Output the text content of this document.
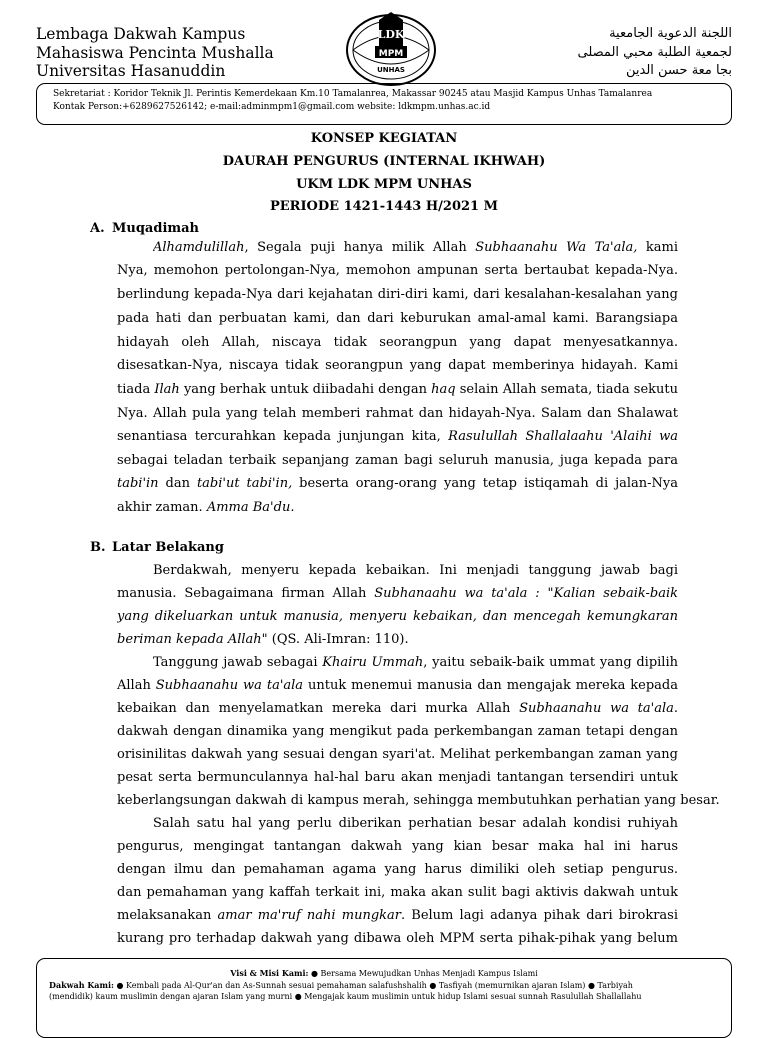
Lembaga Dakwah Kampus
Mahasiswa Pencinta Mushalla
Universitas Hasanuddin
LDK
MPM
UNHAS
اللجنة الدعوية الجامعية
لجمعية الطلبة محبي المصلى
بجا معة حسن الدين
Sekretariat : Koridor Teknik Jl. Perintis Kemerdekaan Km.10 Tamalanrea, Makassar 90245 atau Masjid Kampus Unhas Tamalanrea
Kontak Person:+6289627526142; e-mail:adminmpm1@gmail.com website: ldkmpm.unhas.ac.id
KONSEP KEGIATAN
DAURAH PENGURUS (INTERNAL IKHWAH)
UKM LDK MPM UNHAS
PERIODE 1421-1443 H/2021 M
A. Muqadimah
Alhamdulillah, Segala puji hanya milik Allah Subhaanahu Wa Ta'ala, kami
Nya, memohon pertolongan-Nya, memohon ampunan serta bertaubat kepada-Nya.
berlindung kepada-Nya dari kejahatan diri-diri kami, dari kesalahan-kesalahan yang
pada hati dan perbuatan kami, dan dari keburukan amal-amal kami. Barangsiapa
hidayah oleh Allah, niscaya tidak seorangpun yang dapat menyesatkannya.
disesatkan-Nya, niscaya tidak seorangpun yang dapat memberinya hidayah. Kami
tiada Ilah yang berhak untuk diibadahi dengan haq selain Allah semata, tiada sekutu
Nya. Allah pula yang telah memberi rahmat dan hidayah-Nya. Salam dan Shalawat
senantiasa tercurahkan kepada junjungan kita, Rasulullah Shallalaahu 'Alaihi wa
sebagai teladan terbaik sepanjang zaman bagi seluruh manusia, juga kepada para
tabi'in dan tabi'ut tabi'in, beserta orang-orang yang tetap istiqamah di jalan-Nya
akhir zaman. Amma Ba'du.
B. Latar Belakang
Berdakwah, menyeru kepada kebaikan. Ini menjadi tanggung jawab bagi
manusia. Sebagaimana firman Allah Subhanaahu wa ta'ala : "Kalian sebaik-baik
yang dikeluarkan untuk manusia, menyeru kebaikan, dan mencegah kemungkaran
beriman kepada Allah" (QS. Ali-Imran: 110).
Tanggung jawab sebagai Khairu Ummah, yaitu sebaik-baik ummat yang dipilih
Allah Subhaanahu wa ta'ala untuk menemui manusia dan mengajak mereka kepada
kebaikan dan menyelamatkan mereka dari murka Allah Subhaanahu wa ta'ala.
dakwah dengan dinamika yang mengikut pada perkembangan zaman tetapi dengan
orisinilitas dakwah yang sesuai dengan syari'at. Melihat perkembangan zaman yang
pesat serta bermunculannya hal-hal baru akan menjadi tantangan tersendiri untuk
keberlangsungan dakwah di kampus merah, sehingga membutuhkan perhatian yang besar.
Salah satu hal yang perlu diberikan perhatian besar adalah kondisi ruhiyah
pengurus, mengingat tantangan dakwah yang kian besar maka hal ini harus
dengan ilmu dan pemahaman agama yang harus dimiliki oleh setiap pengurus.
dan pemahaman yang kaffah terkait ini, maka akan sulit bagi aktivis dakwah untuk
melaksanakan amar ma'ruf nahi mungkar. Belum lagi adanya pihak dari birokrasi
kurang pro terhadap dakwah yang dibawa oleh MPM serta pihak-pihak yang belum
Visi & Misi Kami: ● Bersama Mewujudkan Unhas Menjadi Kampus Islami
Dakwah Kami: ● Kembali pada Al-Qur'an dan As-Sunnah sesuai pemahaman salafushshalih ● Tasfiyah (memurnikan ajaran Islam) ● Tarbiyah
(mendidik) kaum muslimin dengan ajaran Islam yang murni ● Mengajak kaum muslimin untuk hidup Islami sesuai sunnah Rasulullah Shallallahu
